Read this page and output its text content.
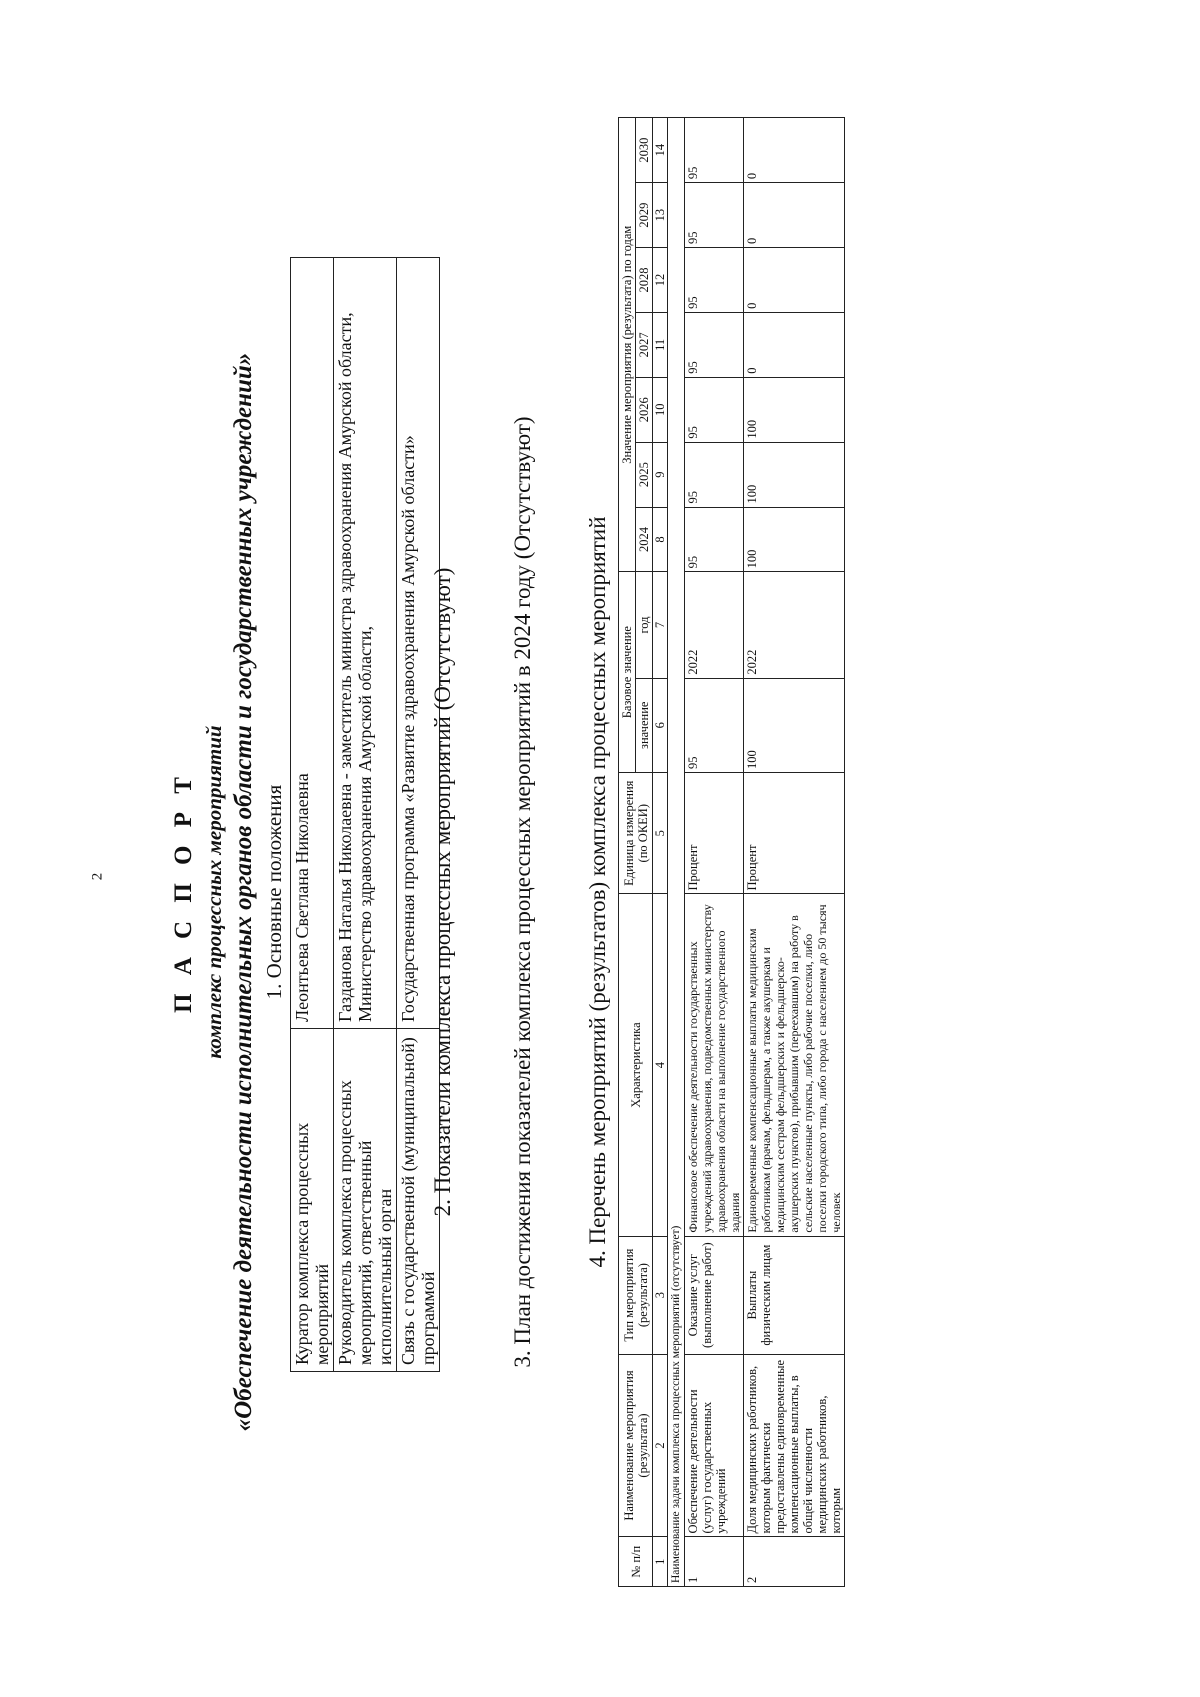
2	П А С П О Р Т комплекс процессных мероприятий «Обеспечение деятельности исполнительных органов области и государственных учреждений» 1. Основные положения
Куратор комплекса процессных мероприятий	Леонтьева Светлана Николаевна
Руководитель комплекса процессных мероприятий, ответственный исполнительный орган	Газданова Наталья Николаевна - заместитель министра здравоохранения Амурской области, Министерство здравоохранения Амурской области,
Связь с государственной (муниципальной) программой	Государственная программа «Развитие здравоохранения Амурской области» 2. Показатели комплекса процессных мероприятий (Отсутствуют) 3. План достижения показателей комплекса процессных мероприятий в 2024 году (Отсутствуют) 4. Перечень мероприятий (результатов) комплекса процессных мероприятий
№ п/п	Наименование мероприятия (результата)	Тип мероприятия (результата)	Характеристика	Единица измерения (по ОКЕИ)	Базовое значение		Значение мероприятия (результата) по годам						
					значение	год	2024	2025	2026	2027	2028	2029	2030
1	2	3	4	5	6	7	8	9	10	11	12	13	14
Наименование задачи комплекса процессных мероприятий (отсутствует)													
1	Обеспечение деятельности (услуг) государственных учреждений	Оказание услуг (выполнение работ)	Финансовое обеспечение деятельности государственных учреждений здравоохранения, подведомственных министерству здравоохранения области на выполнение государственного задания	Процент	95	2022	95	95	95	95	95	95	95
2	Доля медицинских работников, которым фактически предоставлены единовременные компенсационные выплаты, в общей численности медицинских работников, которым	Выплаты физическим лицам	Единовременные компенсационные выплаты медицинским работникам (врачам, фельдшерам, а также акушеркам и медицинским сестрам фельдшерских и фельдшерско-акушерских пунктов), прибывшим (переехавшим) на работу в сельские населенные пункты, либо рабочие поселки, либо поселки городского типа, либо города с населением до 50 тысяч человек	Процент	100	2022	100	100	100	0	0	0	0
